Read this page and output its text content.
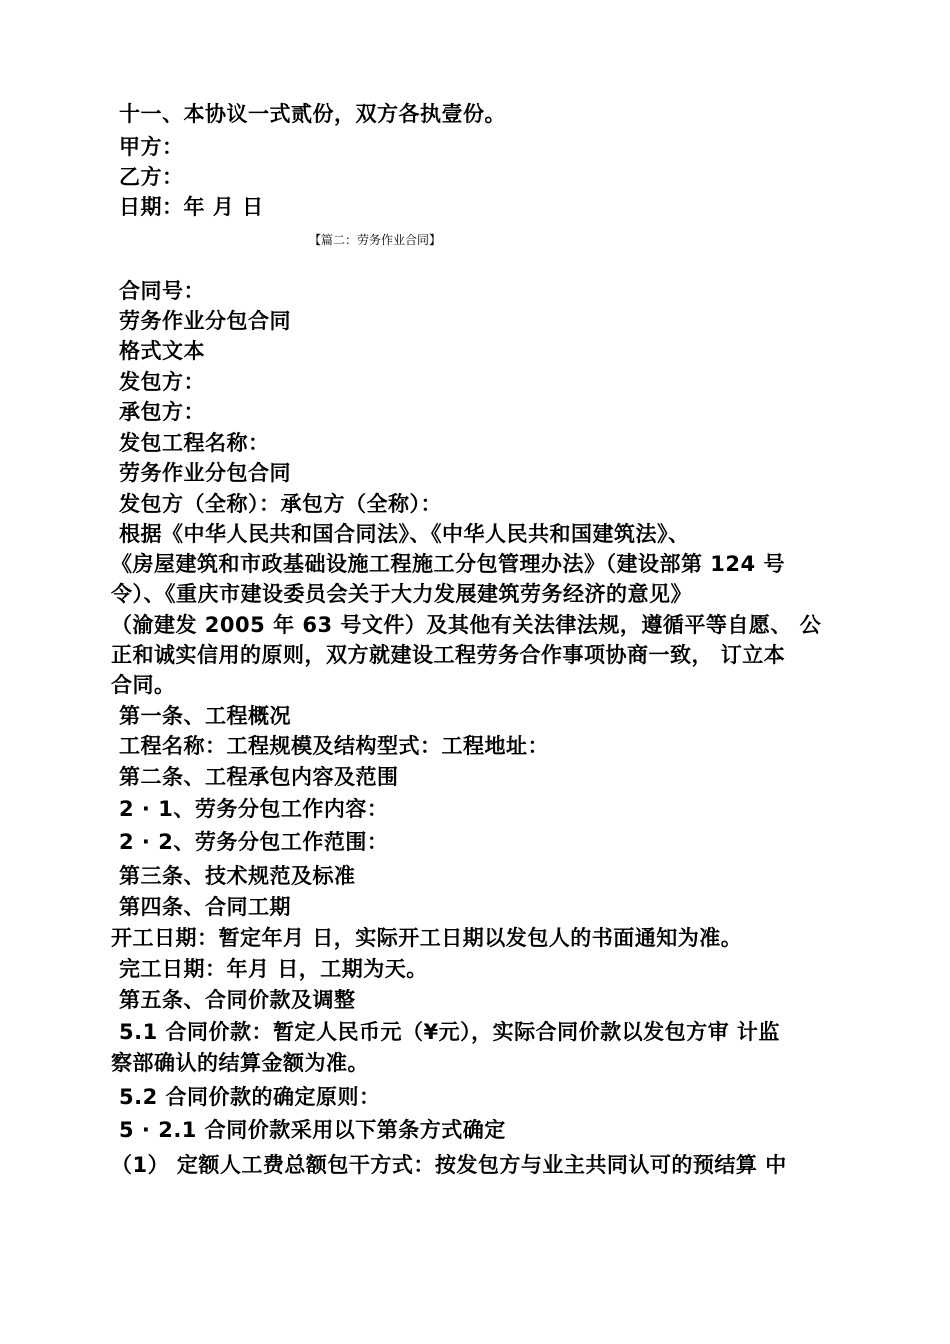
十一、本协议一式贰份，双方各执壹份。
甲方：
乙方：
日期：年 月 日
【篇二：劳务作业合同】
合同号：
劳务作业分包合同
格式文本
发包方：
承包方：
发包工程名称：
劳务作业分包合同
发包方（全称）：承包方（全称）：
根据《中华人民共和国合同法》、《中华人民共和国建筑法》、
《房屋建筑和市政基础设施工程施工分包管理办法》（建设部第 124 号
令）、《重庆市建设委员会关于大力发展建筑劳务经济的意见》
（渝建发 2005 年 63 号文件）及其他有关法律法规，遵循平等自愿、 公
正和诚实信用的原则，双方就建设工程劳务合作事项协商一致， 订立本
合同。
第一条、工程概况
工程名称：工程规模及结构型式：工程地址：
第二条、工程承包内容及范围
2 · 1、劳务分包工作内容：
2 · 2、劳务分包工作范围：
第三条、技术规范及标准
第四条、合同工期
开工日期：暂定年月 日，实际开工日期以发包人的书面通知为准。
完工日期：年月 日，工期为天。
第五条、合同价款及调整
5.1 合同价款：暂定人民币元（¥元），实际合同价款以发包方审 计监
察部确认的结算金额为准。
5.2 合同价款的确定原则：
5 · 2.1 合同价款采用以下第条方式确定
（1） 定额人工费总额包干方式：按发包方与业主共同认可的预结算 中
